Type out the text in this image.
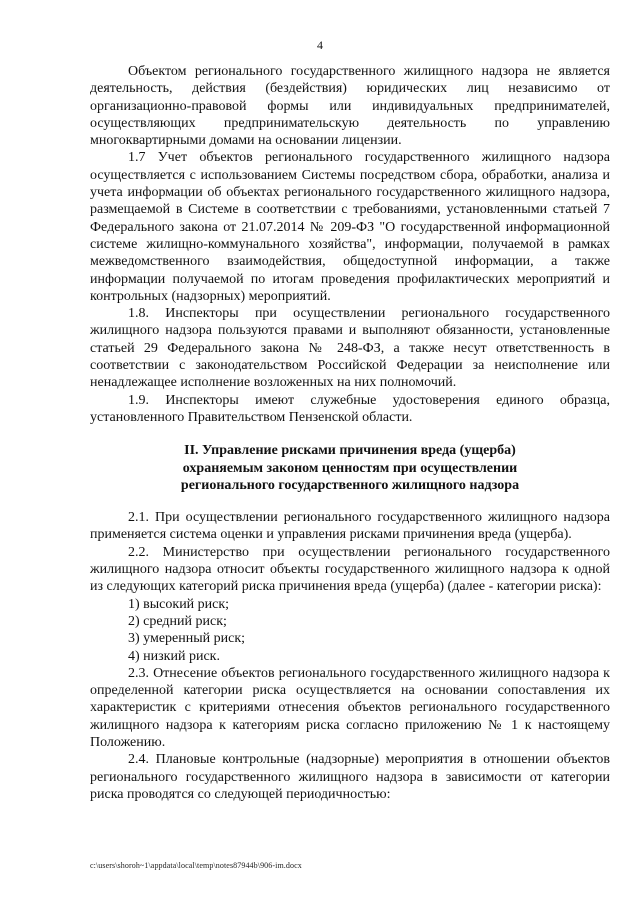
4

Объектом регионального государственного жилищного надзора не является деятельность, действия (бездействия) юридических лиц независимо от организационно-правовой формы или индивидуальных предпринимателей, осуществляющих предпринимательскую деятельность по управлению многоквартирными домами на основании лицензии.

1.7 Учет объектов регионального государственного жилищного надзора осуществляется с использованием Системы посредством сбора, обработки, анализа и учета информации об объектах регионального государственного жилищного надзора, размещаемой в Системе в соответствии с требованиями, установленными статьей 7 Федерального закона от 21.07.2014 № 209-ФЗ "О государственной информационной системе жилищно-коммунального хозяйства", информации, получаемой в рамках межведомственного взаимодействия, общедоступной информации, а также информации получаемой по итогам проведения профилактических мероприятий и контрольных (надзорных) мероприятий.

1.8. Инспекторы при осуществлении регионального государственного жилищного надзора пользуются правами и выполняют обязанности, установленные статьей 29 Федерального закона № 248-ФЗ, а также несут ответственность в соответствии с законодательством Российской Федерации за неисполнение или ненадлежащее исполнение возложенных на них полномочий.

1.9. Инспекторы имеют служебные удостоверения единого образца,

установленного Правительством Пензенской области.

II. Управление рисками причинения вреда (ущерба)
охраняемым законом ценностям при осуществлении
регионального государственного жилищного надзора

2.1. При осуществлении регионального государственного жилищного надзора применяется система оценки и управления рисками причинения вреда (ущерба).

2.2. Министерство при осуществлении регионального государственного жилищного надзора относит объекты государственного жилищного надзора к одной из следующих категорий риска причинения вреда (ущерба) (далее - категории риска):

1) высокий риск;

2) средний риск;

3) умеренный риск;

4) низкий риск.

2.3. Отнесение объектов регионального государственного жилищного надзора к определенной категории риска осуществляется на основании сопоставления их характеристик с критериями отнесения объектов регионального государственного жилищного надзора к категориям риска согласно приложению № 1 к настоящему Положению.

2.4. Плановые контрольные (надзорные) мероприятия в отношении объектов регионального государственного жилищного надзора в зависимости от категории риска проводятся со следующей периодичностью:

c:\users\shoroh~1\appdata\local\temp\notes87944b\906-im.docx
